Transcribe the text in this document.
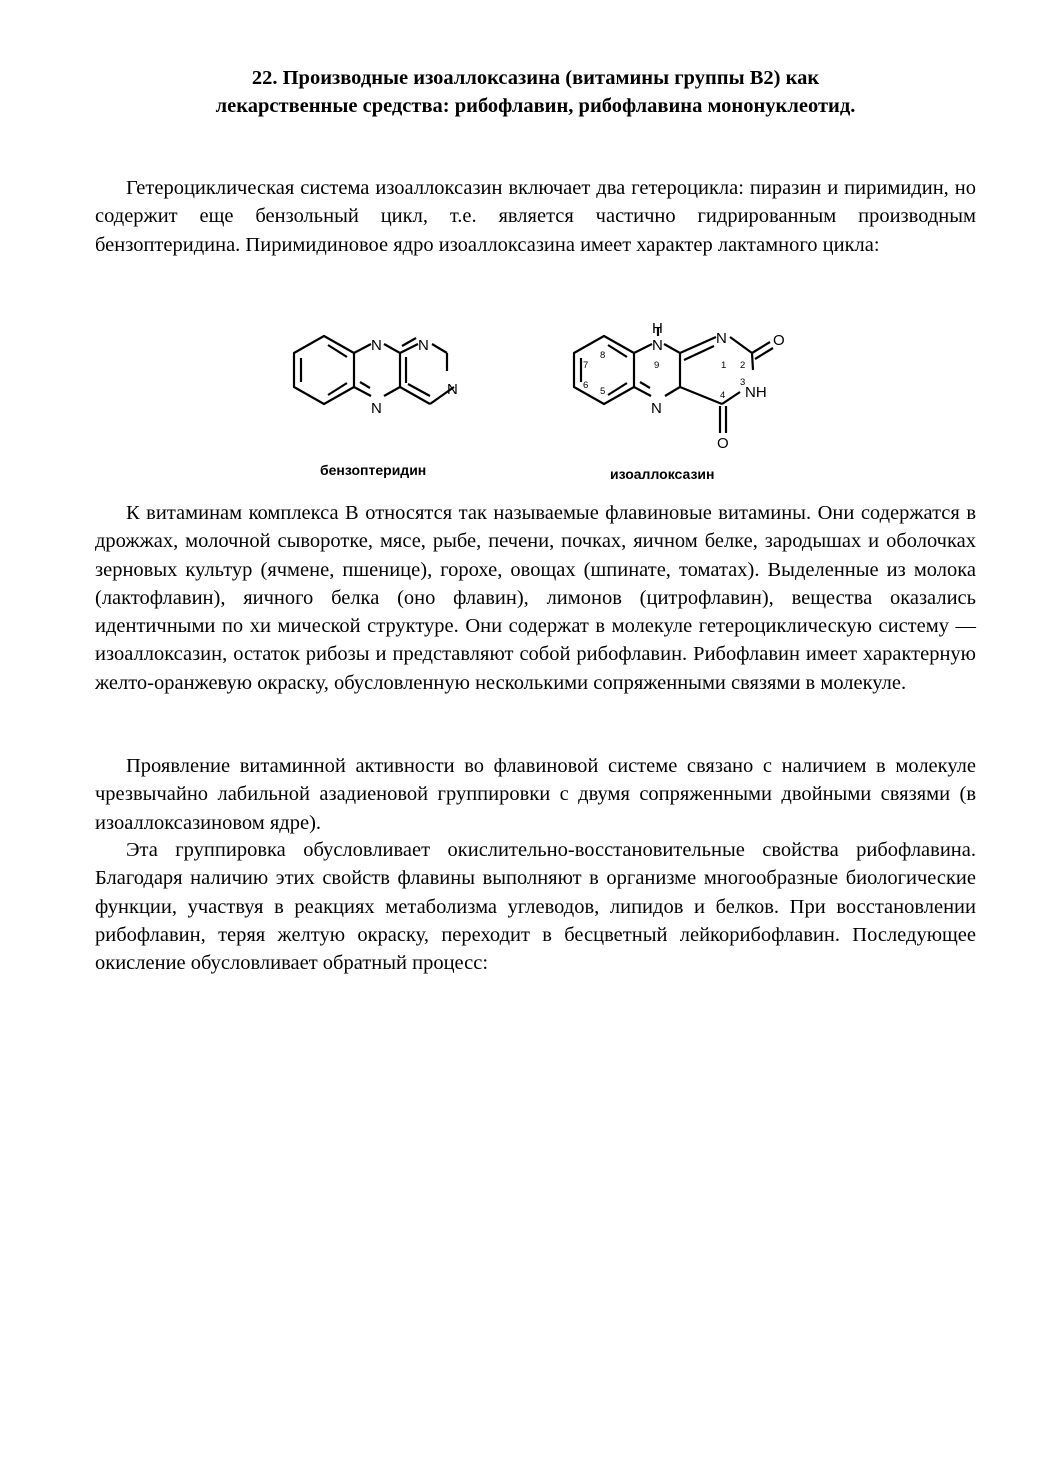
22. Производные изоаллоксазина (витамины группы В2) как
лекарственные средства: рибофлавин, рибофлавина мононуклеотид.

Гетероциклическая система изоаллоксазин включает два гетероцикла: пиразин и пиримидин, но содержит еще бензольный цикл, т.е. является частично гидрированным производным бензоптеридина. Пиримидиновое ядро изоаллоксазина имеет характер лактамного цикла:

N N
N
N
H
N	N	O
NH
N
O
1 2
3
4
5
6
7
8
9
бензоптеридин	изоаллоксазин

К витаминам комплекса В относятся так называемые флавиновые витамины. Они содержатся в дрожжах, молочной сыворотке, мясе, рыбе, печени, почках, яичном белке, зародышах и оболочках зерновых культур (ячмене, пшенице), горохе, овощах (шпинате, томатах). Выделенные из молока (лактофлавин), яичного белка (оно флавин), лимонов (цитрофлавин), вещества оказались идентичными по хи мической структуре. Они содержат в молекуле гетероциклическую систему — изоаллоксазин, остаток рибозы и представляют собой рибофлавин. Рибофлавин имеет характерную желто-оранжевую окраску, обусловленную несколькими сопряженными связями в молекуле.

Проявление витаминной активности во флавиновой системе связано с наличием в молекуле чрезвычайно лабильной азадиеновой группировки с двумя сопряженными двойными связями (в изоаллоксазиновом ядре).

Эта группировка обусловливает окислительно-восстановительные свойства рибофлавина. Благодаря наличию этих свойств флавины выполняют в организме многообразные биологические функции, участвуя в реакциях метаболизма углеводов, липидов и белков. При восстановлении рибофлавин, теряя желтую окраску, переходит в бесцветный лейкорибофлавин. Последующее окисление обусловливает обратный процесс:
